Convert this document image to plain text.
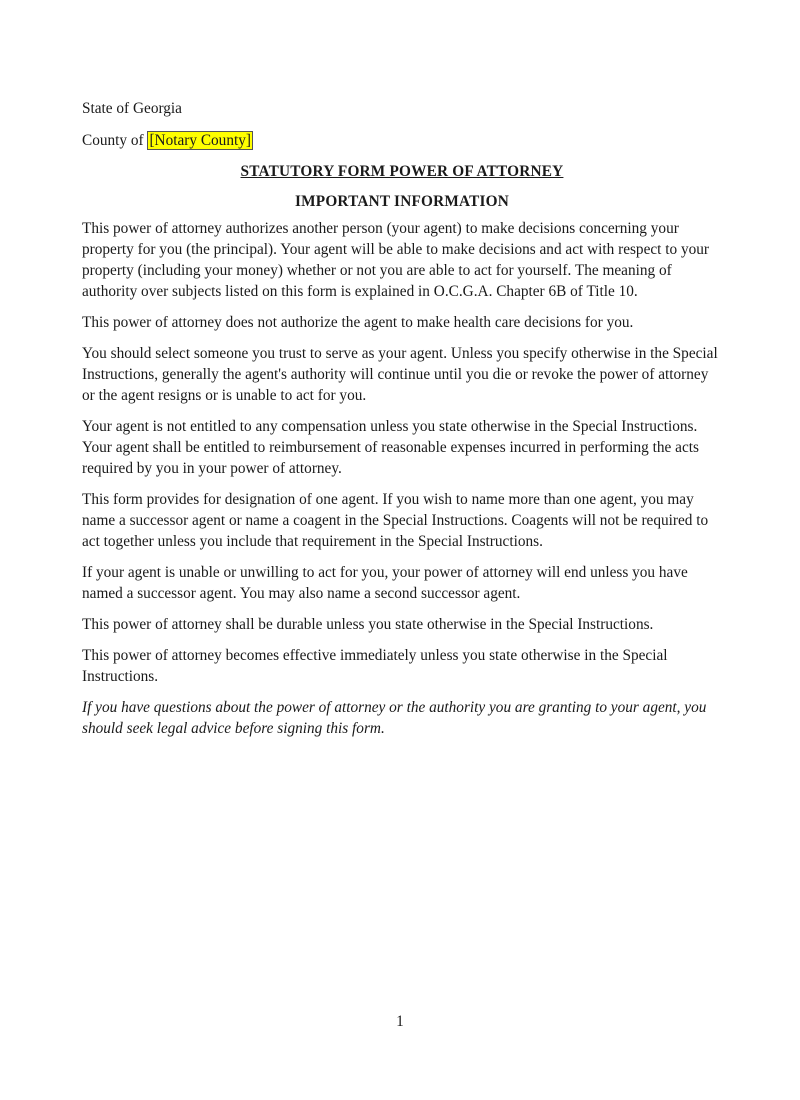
State of Georgia

County of [Notary County]

STATUTORY FORM POWER OF ATTORNEY

IMPORTANT INFORMATION

This power of attorney authorizes another person (your agent) to make decisions concerning your property for you (the principal). Your agent will be able to make decisions and act with respect to your property (including your money) whether or not you are able to act for yourself. The meaning of authority over subjects listed on this form is explained in O.C.G.A. Chapter 6B of Title 10.

This power of attorney does not authorize the agent to make health care decisions for you.

You should select someone you trust to serve as your agent. Unless you specify otherwise in the Special Instructions, generally the agent's authority will continue until you die or revoke the power of attorney or the agent resigns or is unable to act for you.

Your agent is not entitled to any compensation unless you state otherwise in the Special Instructions. Your agent shall be entitled to reimbursement of reasonable expenses incurred in performing the acts required by you in your power of attorney.

This form provides for designation of one agent. If you wish to name more than one agent, you may name a successor agent or name a coagent in the Special Instructions. Coagents will not be required to act together unless you include that requirement in the Special Instructions.

If your agent is unable or unwilling to act for you, your power of attorney will end unless you have named a successor agent. You may also name a second successor agent.

This power of attorney shall be durable unless you state otherwise in the Special Instructions.

This power of attorney becomes effective immediately unless you state otherwise in the Special Instructions.

If you have questions about the power of attorney or the authority you are granting to your agent, you should seek legal advice before signing this form.

1
